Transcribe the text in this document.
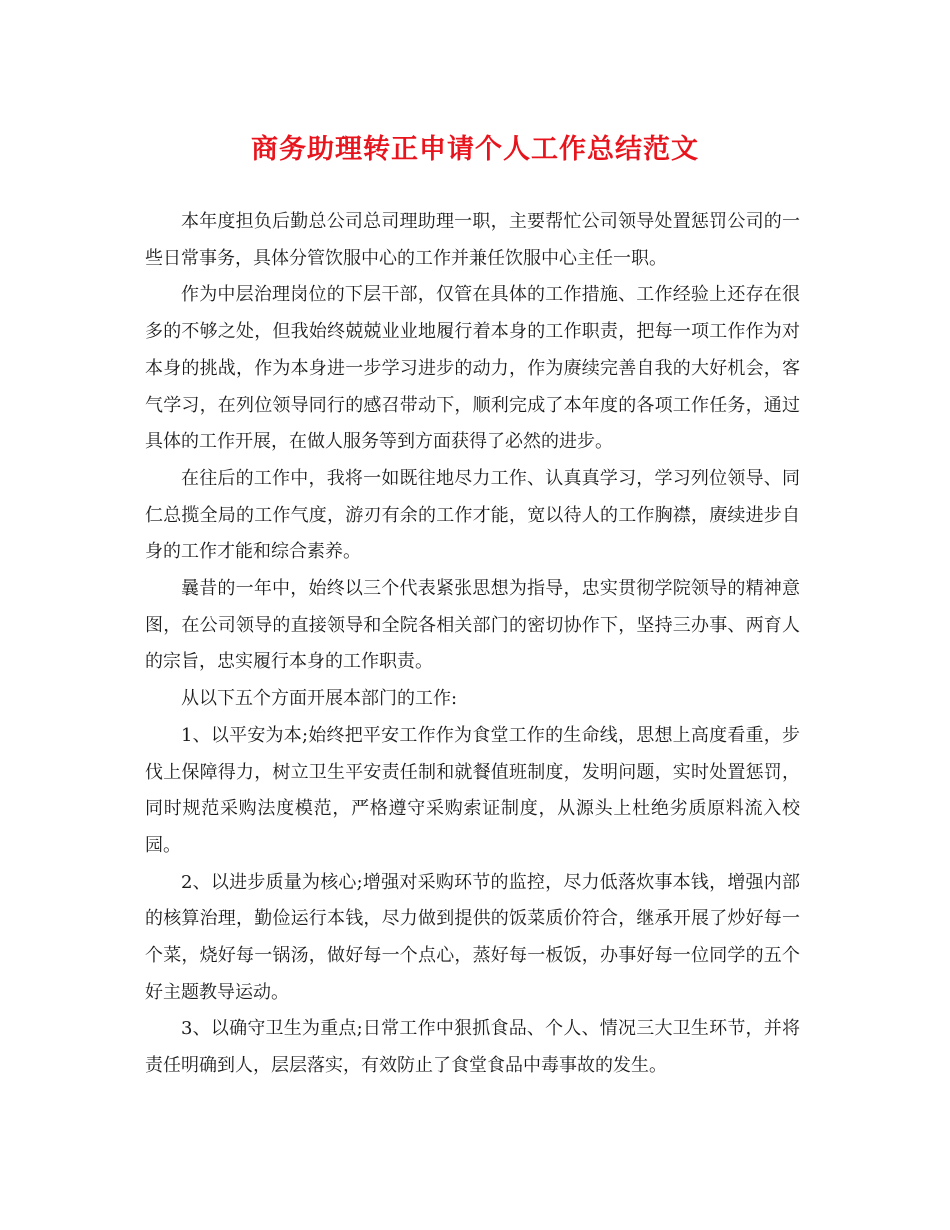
商务助理转正申请个人工作总结范文

本年度担负后勤总公司总司理助理一职，主要帮忙公司领导处置惩罚公司的一些日常事务，具体分管饮服中心的工作并兼任饮服中心主任一职。

作为中层治理岗位的下层干部，仅管在具体的工作措施、工作经验上还存在很多的不够之处，但我始终兢兢业业地履行着本身的工作职责，把每一项工作作为对本身的挑战，作为本身进一步学习进步的动力，作为赓续完善自我的大好机会，客气学习，在列位领导同行的感召带动下，顺利完成了本年度的各项工作任务，通过具体的工作开展，在做人服务等到方面获得了必然的进步。

在往后的工作中，我将一如既往地尽力工作、认真真学习，学习列位领导、同仁总揽全局的工作气度，游刃有余的工作才能，宽以待人的工作胸襟，赓续进步自身的工作才能和综合素养。

曩昔的一年中，始终以三个代表紧张思想为指导，忠实贯彻学院领导的精神意图，在公司领导的直接领导和全院各相关部门的密切协作下，坚持三办事、两育人的宗旨，忠实履行本身的工作职责。

从以下五个方面开展本部门的工作:

1、以平安为本;始终把平安工作作为食堂工作的生命线，思想上高度看重，步伐上保障得力，树立卫生平安责任制和就餐值班制度，发明问题，实时处置惩罚，同时规范采购法度模范，严格遵守采购索证制度，从源头上杜绝劣质原料流入校园。

2、以进步质量为核心;增强对采购环节的监控，尽力低落炊事本钱，增强内部的核算治理，勤俭运行本钱，尽力做到提供的饭菜质价符合，继承开展了炒好每一个菜，烧好每一锅汤，做好每一个点心，蒸好每一板饭，办事好每一位同学的五个好主题教导运动。

3、以确守卫生为重点;日常工作中狠抓食品、个人、情况三大卫生环节，并将责任明确到人，层层落实，有效防止了食堂食品中毒事故的发生。
